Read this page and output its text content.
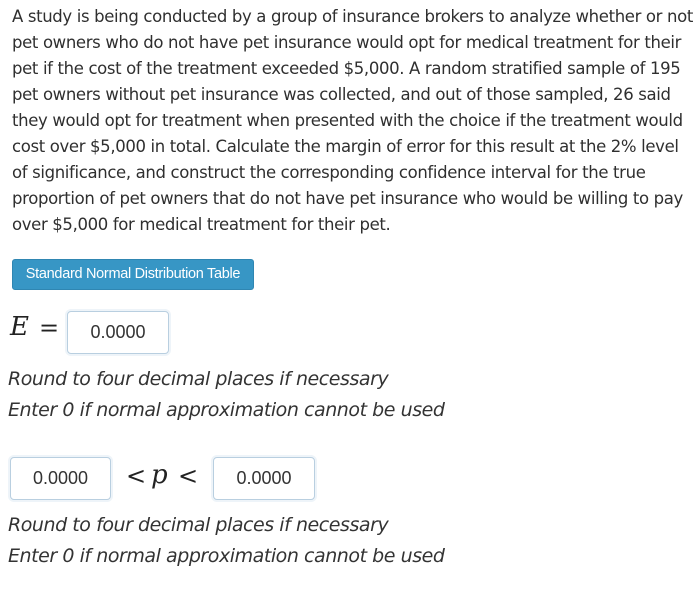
A study is being conducted by a group of insurance brokers to analyze whether or not pet owners who do not have pet insurance would opt for medical treatment for their pet if the cost of the treatment exceeded $5,000. A random stratified sample of 195 pet owners without pet insurance was collected, and out of those sampled, 26 said they would opt for treatment when presented with the choice if the treatment would cost over $5,000 in total. Calculate the margin of error for this result at the 2% level of significance, and construct the corresponding confidence interval for the true proportion of pet owners that do not have pet insurance who would be willing to pay over $5,000 for medical treatment for their pet.

Standard Normal Distribution Table
E =	0.0000
Round to four decimal places if necessary
Enter 0 if normal approximation cannot be used
0.0000	< p <	0.0000
Round to four decimal places if necessary
Enter 0 if normal approximation cannot be used
